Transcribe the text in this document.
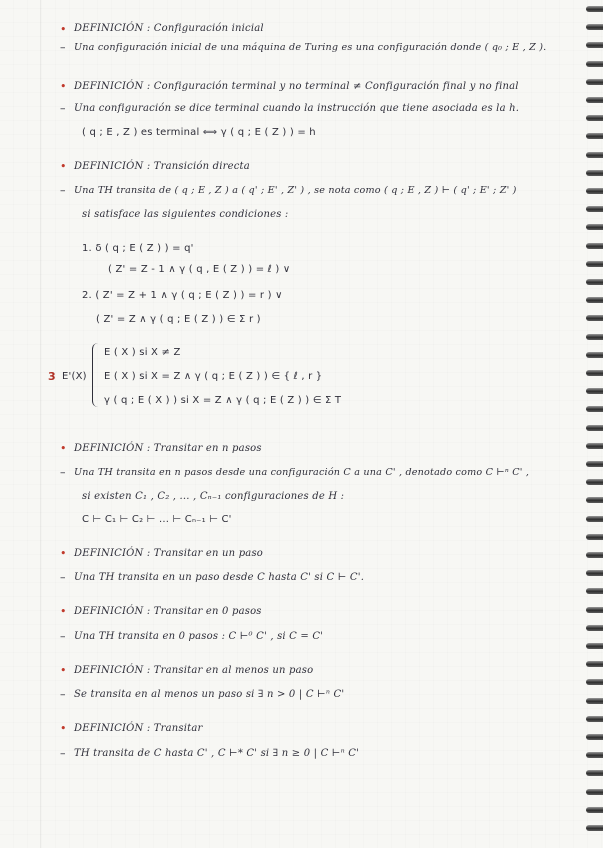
• DEFINICIÓN : Configuración inicial
– Una configuración inicial de una máquina de Turing es una configuración donde ( q₀ ; E , Z ).
• DEFINICIÓN : Configuración terminal y no terminal ≠ Configuración final y no final
– Una configuración se dice terminal cuando la instrucción que tiene asociada es la h.
( q ; E , Z ) es terminal ⟺ γ ( q ; E ( Z ) ) = h
• DEFINICIÓN : Transición directa
– Una TH transita de ( q ; E , Z ) a ( q' ; E' , Z' ) , se nota como ( q ; E , Z ) ⊢ ( q' ; E' ; Z' )
si satisface las siguientes condiciones :
1. δ ( q ; E ( Z ) ) = q'
( Z' = Z - 1 ∧ γ ( q , E ( Z ) ) = ℓ ) ∨
2. ( Z' = Z + 1 ∧ γ ( q ; E ( Z ) ) = r ) ∨
( Z' = Z ∧ γ ( q ; E ( Z ) ) ∈ Σ r )
3 E'(X)
E ( X ) si X ≠ Z
E ( X ) si X = Z ∧ γ ( q ; E ( Z ) ) ∈ { ℓ , r }
γ ( q ; E ( X ) ) si X = Z ∧ γ ( q ; E ( Z ) ) ∈ Σ T
• DEFINICIÓN : Transitar en n pasos
– Una TH transita en n pasos desde una configuración C a una C' , denotado como C ⊢ⁿ C' ,
si existen C₁ , C₂ , ... , Cₙ₋₁ configuraciones de H :
C ⊢ C₁ ⊢ C₂ ⊢ ... ⊢ Cₙ₋₁ ⊢ C'
• DEFINICIÓN : Transitar en un paso
– Una TH transita en un paso desde C hasta C' si C ⊢ C'.
• DEFINICIÓN : Transitar en 0 pasos
– Una TH transita en 0 pasos : C ⊢⁰ C' , si C = C'
• DEFINICIÓN : Transitar en al menos un paso
– Se transita en al menos un paso si ∃ n > 0 | C ⊢ⁿ C'
• DEFINICIÓN : Transitar
– TH transita de C hasta C' , C ⊢* C' si ∃ n ≥ 0 | C ⊢ⁿ C'
